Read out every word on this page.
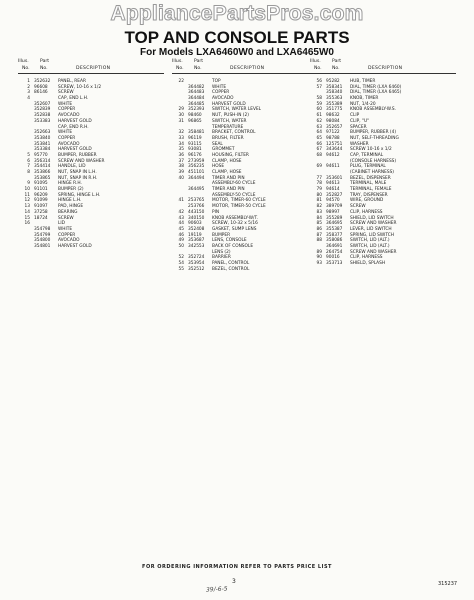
AppliancePartsPros.com
TOP AND CONSOLE PARTS
For Models LXA6460W0 and LXA6465W0
Illus. Part
No. No.	DESCRIPTION
1 352632 PANEL, REAR
2 96608 SCREW, 10-16 x 1/2
3 86146 SCREW
4	CAP, END L.H.
352607 WHITE
352839 COPPER
352838 AVOCADO
353383 HARVEST GOLD
CAP, END R.H.
352663 WHITE
353840 COPPER
353841 AVOCADO
353384 HARVEST GOLD
5 95770 BUMPER, RUBBER
6 356314 SCREW AND WASHER
7 354414 HANDLE, LID
8 353866 NUT, SNAP IN L.H.
353865 NUT, SNAP IN R.H.
9 91095 HINGE R.H.
10 91101 BUMPER (2)
11 96209 SPRING, HINGE L.H.
12 91099 HINGE L.H.
13 91097 PAD, HINGE
14 37258 BEARING
15 18724 SCREW
16	LID
354798 WHITE
354799 COPPER
354800 AVOCADO
354801 HARVEST GOLD
Illus. Part
No. No.	DESCRIPTION
22	TOP
364482 WHITE
364483 COPPER
364484 AVOCADO
364485 HARVEST GOLD
29 352393 SWITCH, WATER LEVEL
30 98460 NUT, PUSH-IN (2)
31 96865 SWITCH, WATER
TEMPERATURE
32 358481 BRACKET, CONTROL
33 96119 BRUSH, FILTER
34 93115 SEAL
35 93081 GROMMET
36 96176 HOUSING, FILTER
37 273959 CLAMP, HOSE
38 356235 HOSE
39 451101 CLAMP, HOSE
40 364494 TIMER AND PIN
ASSEMBLY-60 CYCLE
364495 TIMER AND PIN
ASSEMBLY-50 CYCLE
41 253765 MOTOR, TIMER-60 CYCLE
253766 MOTOR, TIMER-50 CYCLE
42 443150 PIN
43 340150 KNOB ASSEMBLY-W/T.
44 90603 SCREW, 10-32 x 5/16
45 352408 GASKET, SUMP LENS
46 19119 BUMPER
49 353687 LENS, CONSOLE
50 342553 BACK OF CONSOLE
LENS (2)
52 352724 BARRIER
54 353954 PANEL, CONTROL
55 352512 BEZEL, CONTROL
Illus. Part
No. No.	DESCRIPTION
56 95282 HUB, TIMER
57 358341 DIAL, TIMER (LXA 6460)
358340 DIAL, TIMER (LXA 6465)
58 355363 KNOB, TIMER
59 355389 NUT, 1/4-20
60 351775 KNOB ASSEMBLY-W.S.
61 98632 CLIP
62 98084 CLIP, "U"
63 352657 SPACER
64 97122 BUMPER, RUBBER (4)
65 98788 NUT, SELF-THREADING
66 125751 WASHER
67 343644 SCREW 10-16 x 1/2
68 94612 CAP, TERMINAL
(CONSOLE HARNESS)
69 94611 PLUG, TERMINAL
(CABINET HARNESS)
77 353601 BEZEL, DISPENSER
78 94613 TERMINAL, MALE
79 94614 TERMINAL, FEMALE
80 352827 TRAY, DISPENSER
81 94570 WIRE, GROUND
82 389709 SCREW
83 98997 CLIP, HARNESS
84 355289 SHIELD, LID SWITCH
85 364695 SCREW AND WASHER
86 355387 LEVER, LID SWITCH
87 358377 SPRING, LID SWITCH
88 358086 SWITCH, LID (ALT.)
364691 SWITCH, LID (ALT.)
89 264754 SCREW AND WASHER
90 90016 CLIP, HARNESS
93 353713 SHIELD, SPLASH
FOR ORDERING INFORMATION REFER TO PARTS PRICE LIST
3
39/-6-5
315237
